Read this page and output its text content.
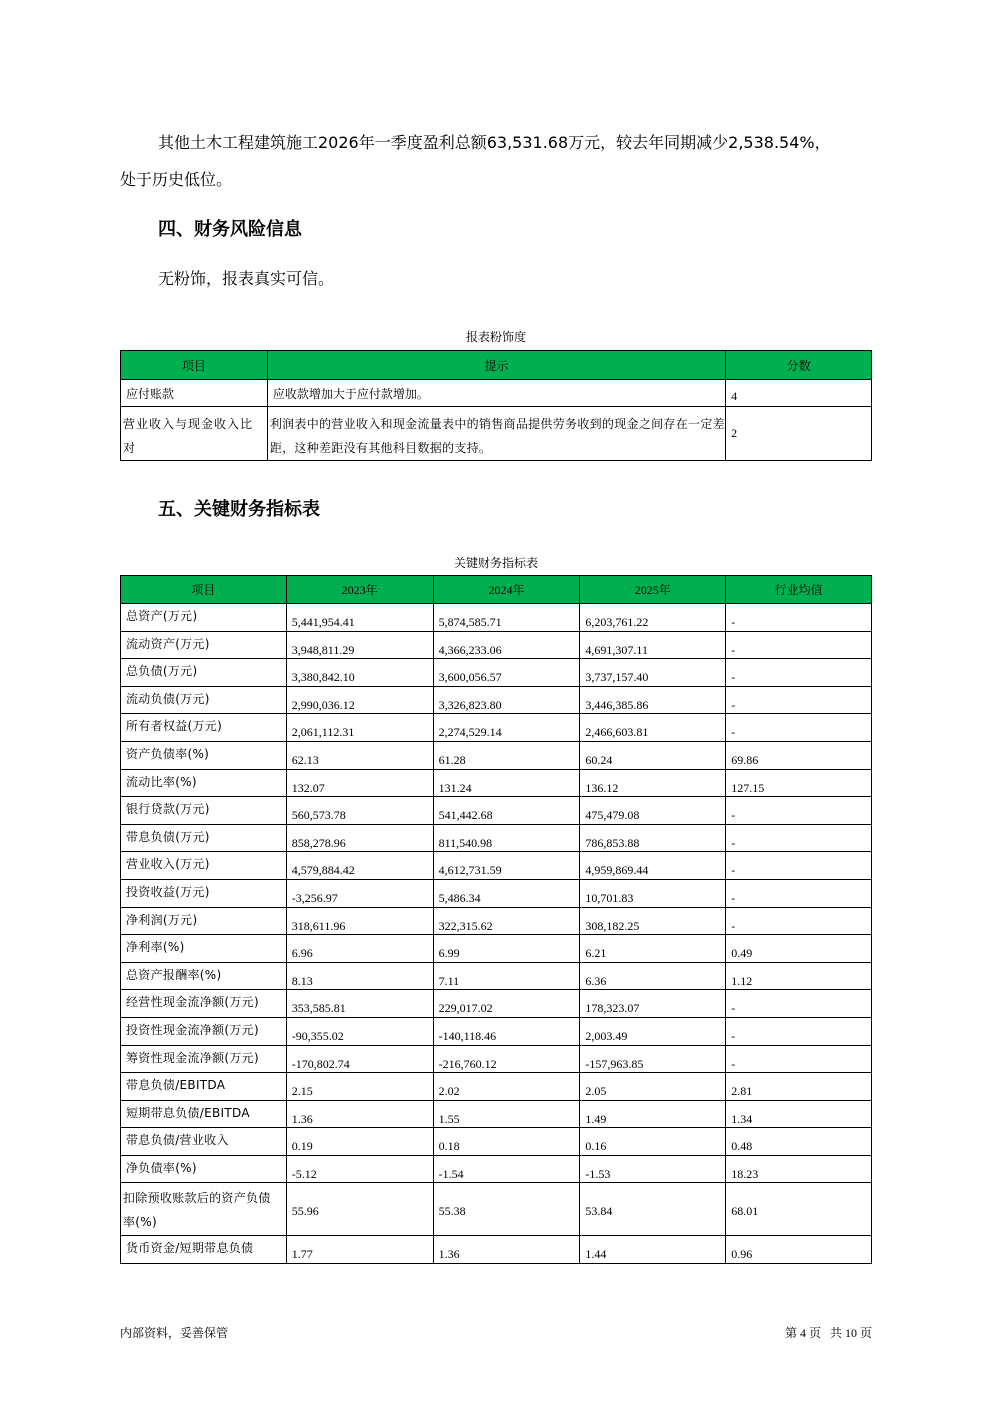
其他土木工程建筑施工2026年一季度盈利总额63,531.68万元，较去年同期减少2,538.54%，
处于历史低位。
四、财务风险信息
无粉饰，报表真实可信。
报表粉饰度
项目	提示	分数
应付账款	应收款增加大于应付款增加。	4
营业收入与现金收入比对	利润表中的营业收入和现金流量表中的销售商品提供劳务收到的现金之间存在一定差距，这种差距没有其他科目数据的支持。	2
五、关键财务指标表
关键财务指标表
项目	2023年	2024年	2025年	行业均值
总资产(万元)	5,441,954.41	5,874,585.71	6,203,761.22	-
流动资产(万元)	3,948,811.29	4,366,233.06	4,691,307.11	-
总负债(万元)	3,380,842.10	3,600,056.57	3,737,157.40	-
流动负债(万元)	2,990,036.12	3,326,823.80	3,446,385.86	-
所有者权益(万元)	2,061,112.31	2,274,529.14	2,466,603.81	-
资产负债率(%)	62.13	61.28	60.24	69.86
流动比率(%)	132.07	131.24	136.12	127.15
银行贷款(万元)	560,573.78	541,442.68	475,479.08	-
带息负债(万元)	858,278.96	811,540.98	786,853.88	-
营业收入(万元)	4,579,884.42	4,612,731.59	4,959,869.44	-
投资收益(万元)	-3,256.97	5,486.34	10,701.83	-
净利润(万元)	318,611.96	322,315.62	308,182.25	-
净利率(%)	6.96	6.99	6.21	0.49
总资产报酬率(%)	8.13	7.11	6.36	1.12
经营性现金流净额(万元)	353,585.81	229,017.02	178,323.07	-
投资性现金流净额(万元)	-90,355.02	-140,118.46	2,003.49	-
筹资性现金流净额(万元)	-170,802.74	-216,760.12	-157,963.85	-
带息负债/EBITDA	2.15	2.02	2.05	2.81
短期带息负债/EBITDA	1.36	1.55	1.49	1.34
带息负债/营业收入	0.19	0.18	0.16	0.48
净负债率(%)	-5.12	-1.54	-1.53	18.23
扣除预收账款后的资产负债率(%)	55.96	55.38	53.84	68.01
货币资金/短期带息负债	1.77	1.36	1.44	0.96
内部资料，妥善保管	第 4 页   共 10 页
